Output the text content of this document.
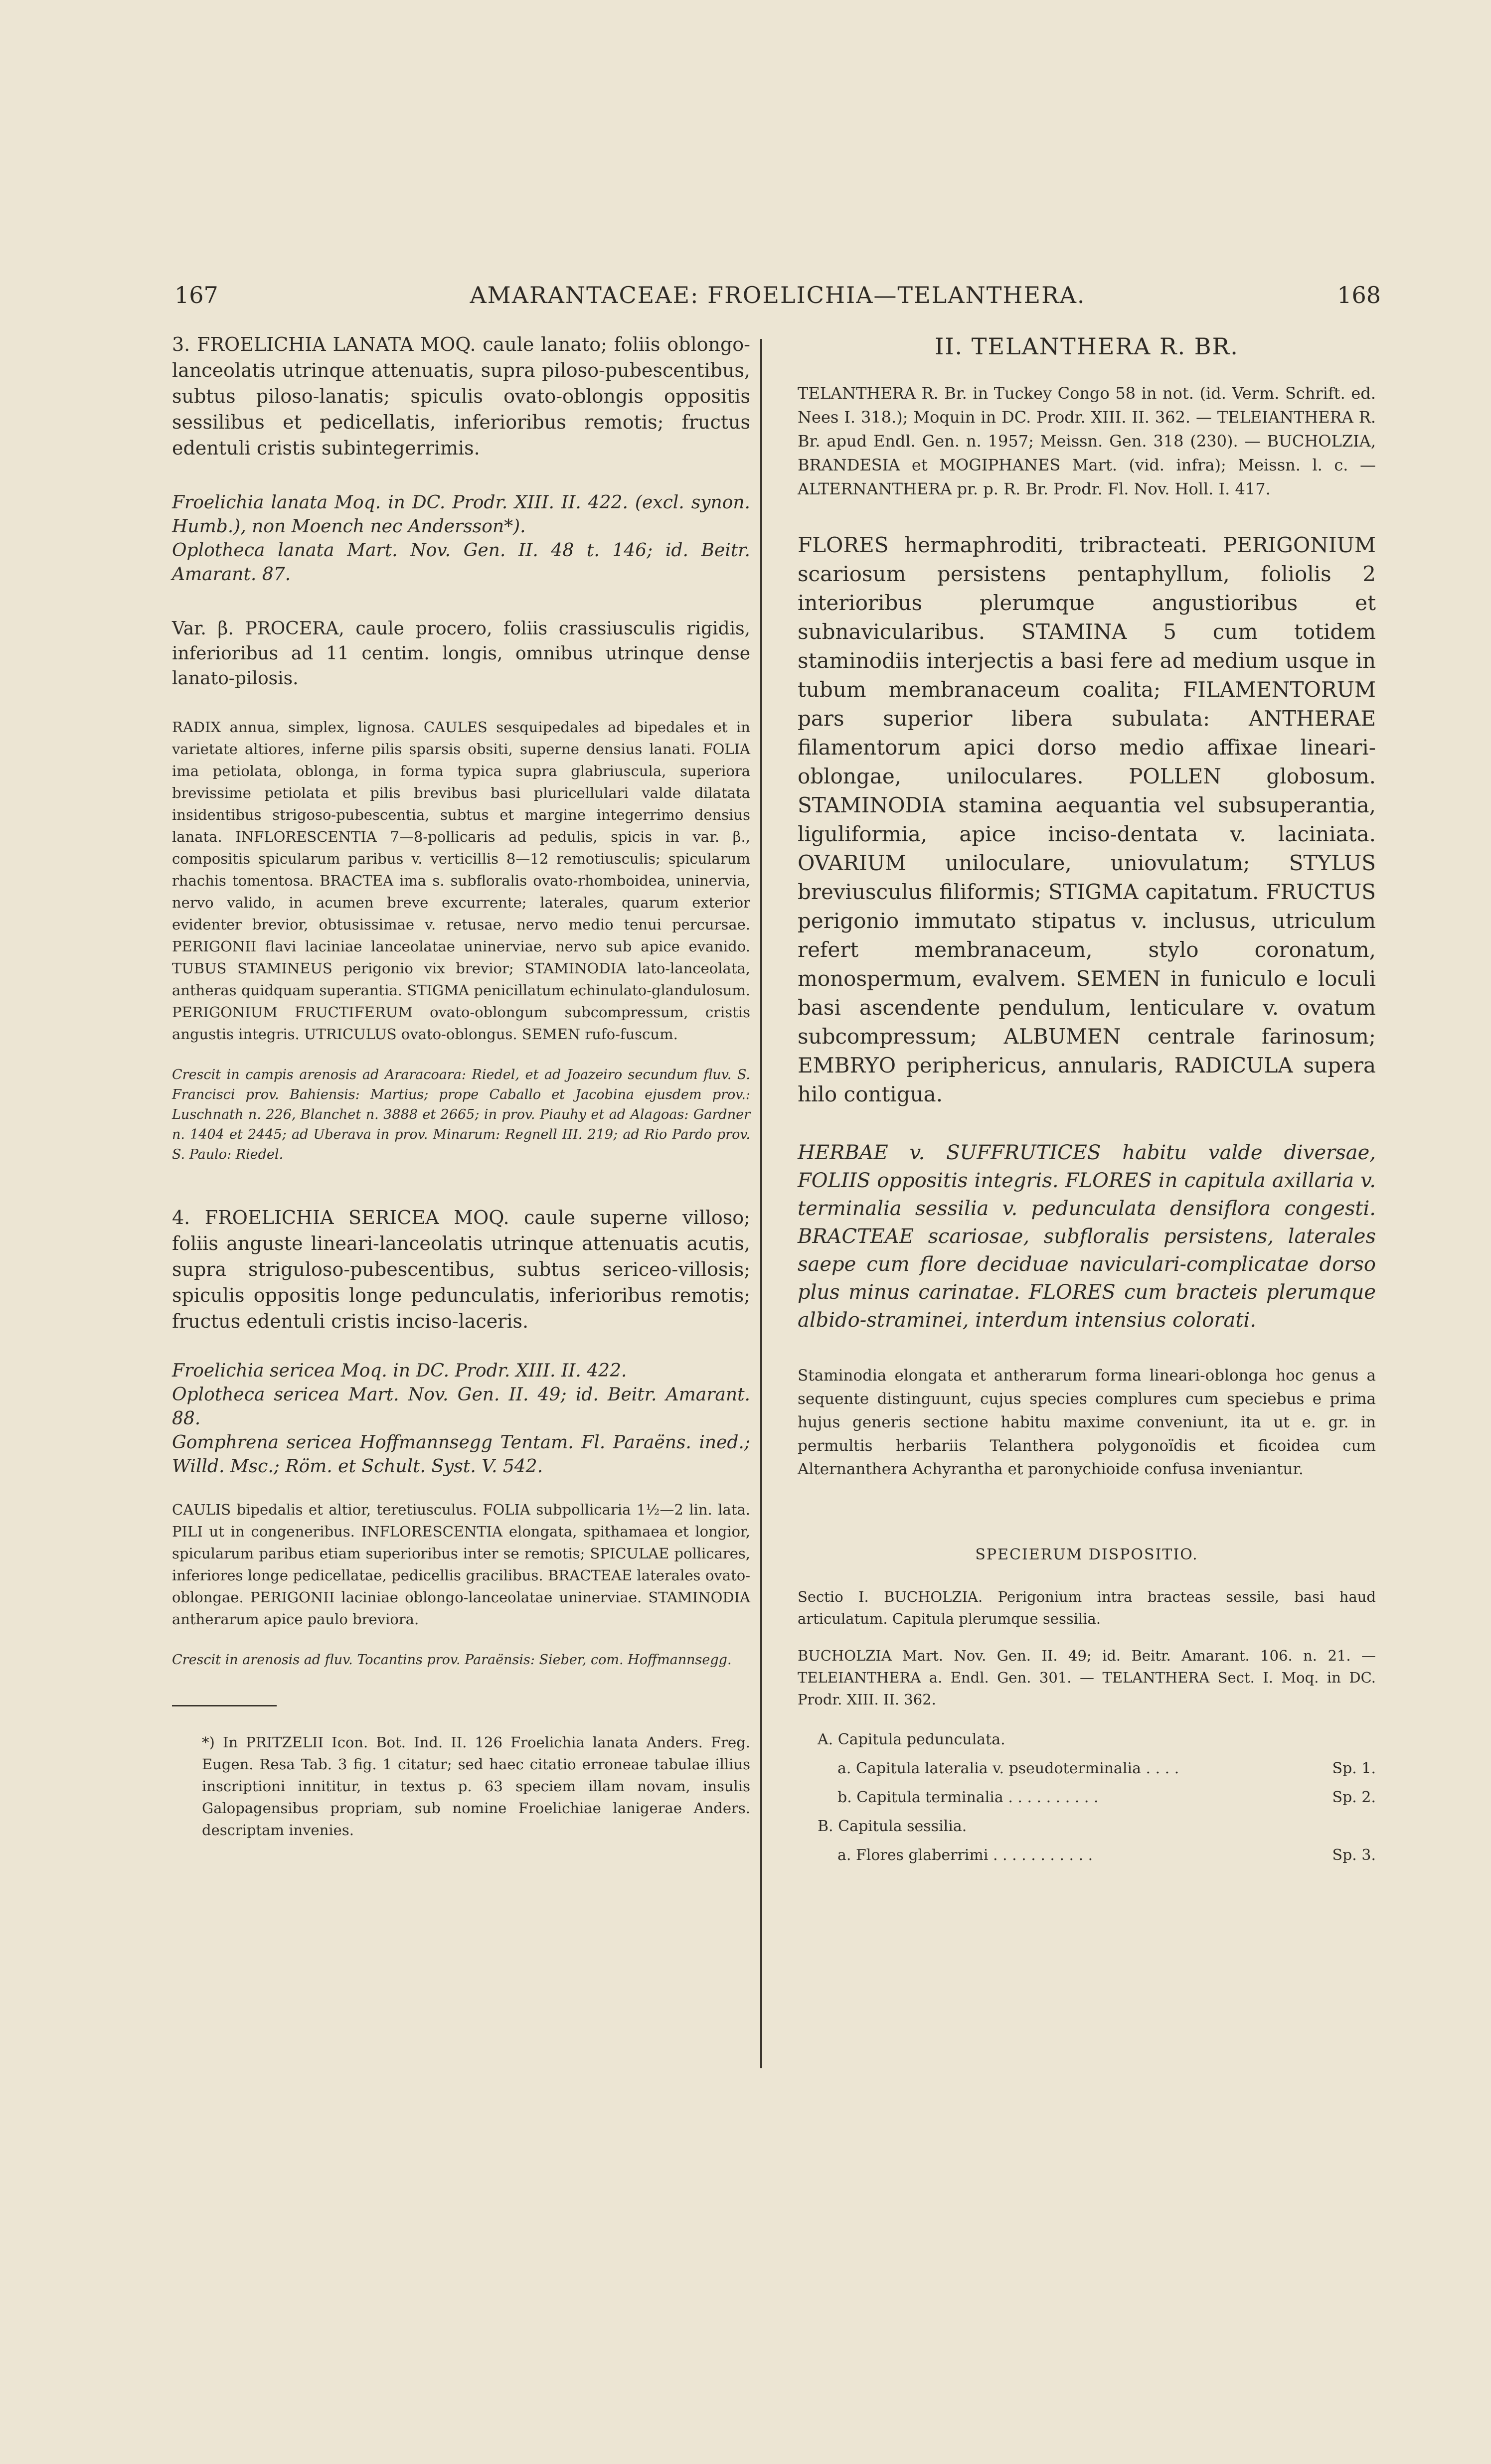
167	AMARANTACEAE: FROELICHIA—TELANTHERA.	168

3. FROELICHIA LANATA MOQ. caule lanato; foliis oblongo-lanceolatis utrinque attenuatis, supra piloso-pubescentibus, subtus piloso-lanatis; spiculis ovato-oblongis oppositis sessilibus et pedicellatis, inferioribus remotis; fructus edentuli cristis subintegerrimis.

Froelichia lanata Moq. in DC. Prodr. XIII. II. 422. (excl. synon. Humb.), non Moench nec Andersson*).

Oplotheca lanata Mart. Nov. Gen. II. 48 t. 146; id. Beitr. Amarant. 87.

Var. β. PROCERA, caule procero, foliis crassiusculis rigidis, inferioribus ad 11 centim. longis, omnibus utrinque dense lanato-pilosis.

RADIX annua, simplex, lignosa. CAULES sesquipedales ad bipedales et in varietate altiores, inferne pilis sparsis obsiti, superne densius lanati. FOLIA ima petiolata, oblonga, in forma typica supra glabriuscula, superiora brevissime petiolata et pilis brevibus basi pluricellulari valde dilatata insidentibus strigoso-pubescentia, subtus et margine integerrimo densius lanata. INFLORESCENTIA 7—8-pollicaris ad pedulis, spicis in var. β., compositis spicularum paribus v. verticillis 8—12 remotiusculis; spicularum rhachis tomentosa. BRACTEA ima s. subfloralis ovato-rhomboidea, uninervia, nervo valido, in acumen breve excurrente; laterales, quarum exterior evidenter brevior, obtusissimae v. retusae, nervo medio tenui percursae. PERIGONII flavi laciniae lanceolatae uninerviae, nervo sub apice evanido. TUBUS STAMINEUS perigonio vix brevior; STAMINODIA lato-lanceolata, antheras quidquam superantia. STIGMA penicillatum echinulato-glandulosum. PERIGONIUM FRUCTIFERUM ovato-oblongum subcompressum, cristis angustis integris. UTRICULUS ovato-oblongus. SEMEN rufo-fuscum.

Crescit in campis arenosis ad Araracoara: Riedel, et ad Joazeiro secundum fluv. S. Francisci prov. Bahiensis: Martius; prope Caballo et Jacobina ejusdem prov.: Luschnath n. 226, Blanchet n. 3888 et 2665; in prov. Piauhy et ad Alagoas: Gardner n. 1404 et 2445; ad Uberava in prov. Minarum: Regnell III. 219; ad Rio Pardo prov. S. Paulo: Riedel.

4. FROELICHIA SERICEA MOQ. caule superne villoso; foliis anguste lineari-lanceolatis utrinque attenuatis acutis, supra striguloso-pubescentibus, subtus sericeo-villosis; spiculis oppositis longe pedunculatis, inferioribus remotis; fructus edentuli cristis inciso-laceris.

Froelichia sericea Moq. in DC. Prodr. XIII. II. 422.

Oplotheca sericea Mart. Nov. Gen. II. 49; id. Beitr. Amarant. 88.

Gomphrena sericea Hoffmannsegg Tentam. Fl. Paraëns. ined.; Willd. Msc.; Röm. et Schult. Syst. V. 542.

CAULIS bipedalis et altior, teretiusculus. FOLIA subpollicaria 1½—2 lin. lata. PILI ut in congeneribus. INFLORESCENTIA elongata, spithamaea et longior, spicularum paribus etiam superioribus inter se remotis; SPICULAE pollicares, inferiores longe pedicellatae, pedicellis gracilibus. BRACTEAE laterales ovato-oblongae. PERIGONII laciniae oblongo-lanceolatae uninerviae. STAMINODIA antherarum apice paulo breviora.

Crescit in arenosis ad fluv. Tocantins prov. Paraënsis: Sieber, com. Hoffmannsegg.

*) In PRITZELII Icon. Bot. Ind. II. 126 Froelichia lanata Anders. Freg. Eugen. Resa Tab. 3 fig. 1 citatur; sed haec citatio erroneae tabulae illius inscriptioni innititur, in textus p. 63 speciem illam novam, insulis Galopagensibus propriam, sub nomine Froelichiae lanigerae Anders. descriptam invenies.

II. TELANTHERA R. BR.

TELANTHERA R. Br. in Tuckey Congo 58 in not. (id. Verm. Schrift. ed. Nees I. 318.); Moquin in DC. Prodr. XIII. II. 362. — TELEIANTHERA R. Br. apud Endl. Gen. n. 1957; Meissn. Gen. 318 (230). — BUCHOLZIA, BRANDESIA et MOGIPHANES Mart. (vid. infra); Meissn. l. c. — ALTERNANTHERA pr. p. R. Br. Prodr. Fl. Nov. Holl. I. 417.

FLORES hermaphroditi, tribracteati. PERIGONIUM scariosum persistens pentaphyllum, foliolis 2 interioribus plerumque angustioribus et subnavicularibus. STAMINA 5 cum totidem staminodiis interjectis a basi fere ad medium usque in tubum membranaceum coalita; FILAMENTORUM pars superior libera subulata: ANTHERAE filamentorum apici dorso medio affixae lineari-oblongae, uniloculares. POLLEN globosum. STAMINODIA stamina aequantia vel subsuperantia, liguliformia, apice inciso-dentata v. laciniata. OVARIUM uniloculare, uniovulatum; STYLUS breviusculus filiformis; STIGMA capitatum. FRUCTUS perigonio immutato stipatus v. inclusus, utriculum refert membranaceum, stylo coronatum, monospermum, evalvem. SEMEN in funiculo e loculi basi ascendente pendulum, lenticulare v. ovatum subcompressum; ALBUMEN centrale farinosum; EMBRYO periphericus, annularis, RADICULA supera hilo contigua.

HERBAE v. SUFFRUTICES habitu valde diversae, FOLIIS oppositis integris. FLORES in capitula axillaria v. terminalia sessilia v. pedunculata densiflora congesti. BRACTEAE scariosae, subfloralis persistens, laterales saepe cum flore deciduae naviculari-complicatae dorso plus minus carinatae. FLORES cum bracteis plerumque albido-straminei, interdum intensius colorati.

Staminodia elongata et antherarum forma lineari-oblonga hoc genus a sequente distinguunt, cujus species complures cum speciebus e prima hujus generis sectione habitu maxime conveniunt, ita ut e. gr. in permultis herbariis Telanthera polygonoïdis et ficoidea cum Alternanthera Achyrantha et paronychioide confusa inveniantur.

SPECIERUM DISPOSITIO.

Sectio I. BUCHOLZIA. Perigonium intra bracteas sessile, basi haud articulatum. Capitula plerumque sessilia.

BUCHOLZIA Mart. Nov. Gen. II. 49; id. Beitr. Amarant. 106. n. 21. — TELEIANTHERA a. Endl. Gen. 301. — TELANTHERA Sect. I. Moq. in DC. Prodr. XIII. II. 362.

A. Capitula pedunculata.
a. Capitula lateralia v. pseudoterminalia . . . .	Sp. 1.
b. Capitula terminalia . . . . . . . . . .	Sp. 2.
B. Capitula sessilia.
a. Flores glaberrimi . . . . . . . . . . .	Sp. 3.
